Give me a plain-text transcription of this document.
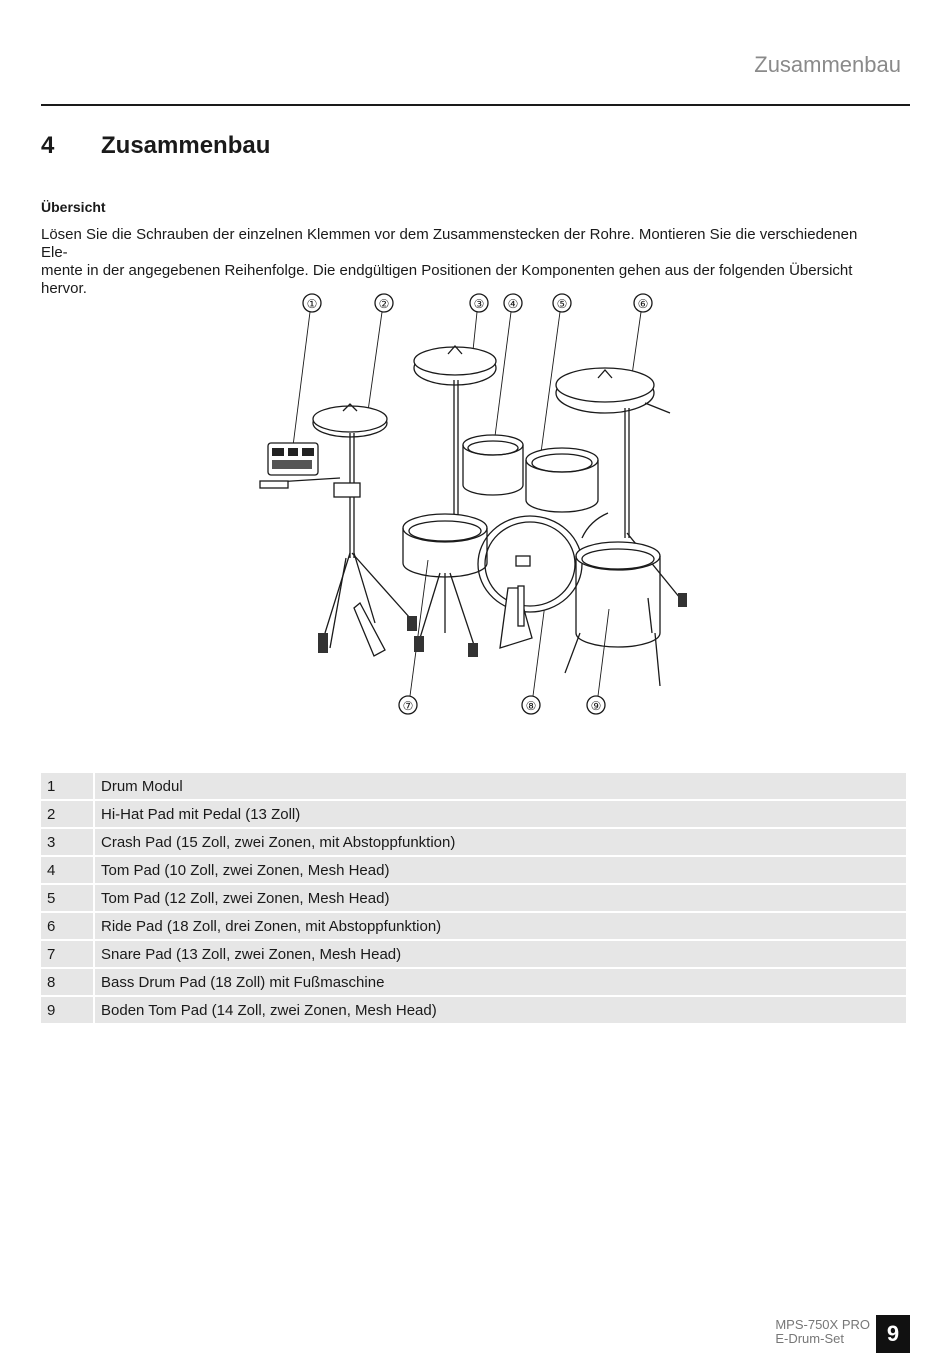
Zusammenbau
4 Zusammenbau
Übersicht
Lösen Sie die Schrauben der einzelnen Klemmen vor dem Zusammenstecken der Rohre. Montieren Sie die verschiedenen Ele-
mente in der angegebenen Reihenfolge. Die endgültigen Positionen der Komponenten gehen aus der folgenden Übersicht
hervor.
①	②	③ ④	⑤	⑥
⑦	⑧	⑨
1	Drum Modul
2	Hi-Hat Pad mit Pedal (13 Zoll)
3	Crash Pad (15 Zoll, zwei Zonen, mit Abstoppfunktion)
4	Tom Pad (10 Zoll, zwei Zonen, Mesh Head)
5	Tom Pad (12 Zoll, zwei Zonen, Mesh Head)
6	Ride Pad (18 Zoll, drei Zonen, mit Abstoppfunktion)
7	Snare Pad (13 Zoll, zwei Zonen, Mesh Head)
8	Bass Drum Pad (18 Zoll) mit Fußmaschine
9	Boden Tom Pad (14 Zoll, zwei Zonen, Mesh Head)
MPS-750X PRO
E-Drum-Set	9
